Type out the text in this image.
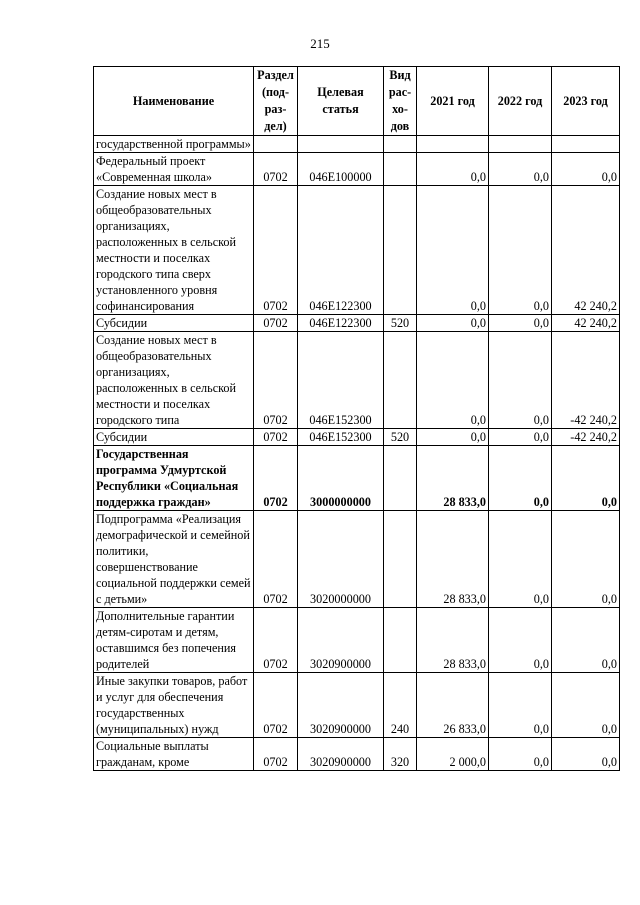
215
Наименование	Раздел (под-раз-дел)	Целевая статья	Вид рас-хо-дов	2021 год	2022 год	2023 год
государственной программы»						
Федеральный проект «Современная школа»	0702	046Е100000		0,0	0,0	0,0
Создание новых мест в общеобразовательных организациях, расположенных в сельской местности и поселках городского типа сверх установленного уровня софинансирования	0702	046Е122300		0,0	0,0	42 240,2
Субсидии	0702	046Е122300	520	0,0	0,0	42 240,2
Создание новых мест в общеобразовательных организациях, расположенных в сельской местности и поселках городского типа	0702	046Е152300		0,0	0,0	-42 240,2
Субсидии	0702	046Е152300	520	0,0	0,0	-42 240,2
Государственная программа Удмуртской Республики «Социальная поддержка граждан»	0702	3000000000		28 833,0	0,0	0,0
Подпрограмма «Реализация демографической и семейной политики, совершенствование социальной поддержки семей с детьми»	0702	3020000000		28 833,0	0,0	0,0
Дополнительные гарантии детям-сиротам и детям, оставшимся без попечения родителей	0702	3020900000		28 833,0	0,0	0,0
Иные закупки товаров, работ и услуг для обеспечения государственных (муниципальных) нужд	0702	3020900000	240	26 833,0	0,0	0,0
Социальные выплаты гражданам, кроме	0702	3020900000	320	2 000,0	0,0	0,0
